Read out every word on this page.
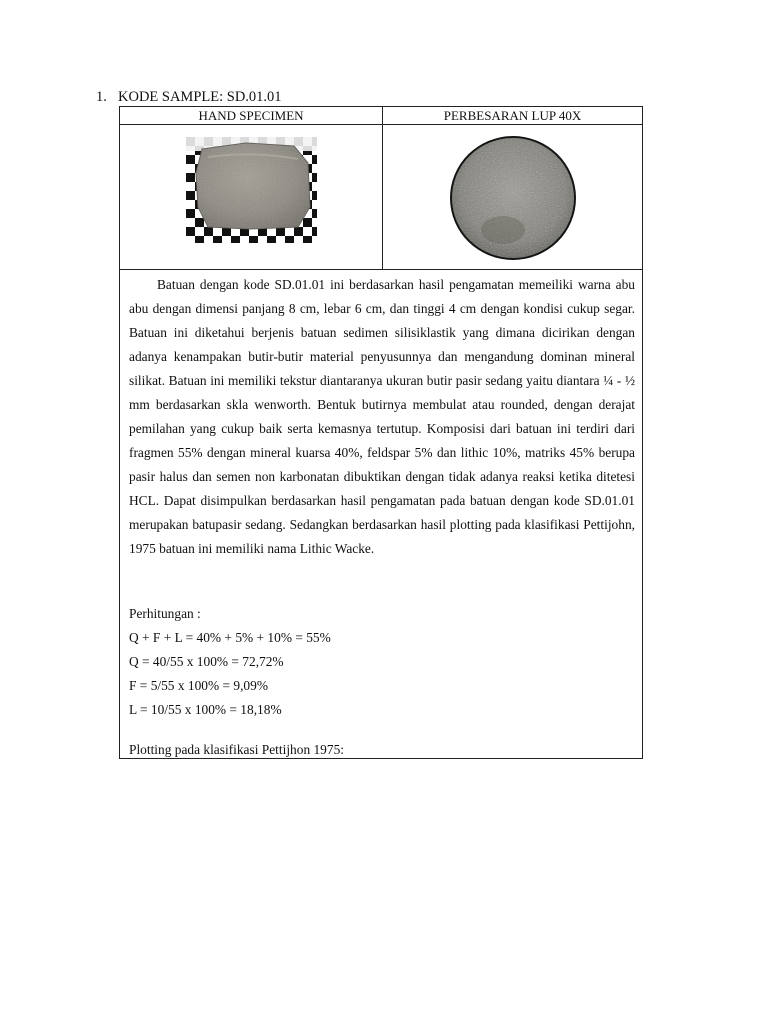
1. KODE SAMPLE: SD.01.01
HAND SPECIMEN	PERBESARAN LUP 40X

Batuan dengan kode SD.01.01 ini berdasarkan hasil pengamatan memeiliki warna abu abu dengan dimensi panjang 8 cm, lebar 6 cm, dan tinggi 4 cm dengan kondisi cukup segar. Batuan ini diketahui berjenis batuan sedimen silisiklastik yang dimana dicirikan dengan adanya kenampakan butir-butir material penyusunnya dan mengandung dominan mineral silikat. Batuan ini memiliki tekstur diantaranya ukuran butir pasir sedang yaitu diantara ¼ - ½ mm berdasarkan skla wenworth. Bentuk butirnya membulat atau rounded, dengan derajat pemilahan yang cukup baik serta kemasnya tertutup. Komposisi dari batuan ini terdiri dari fragmen 55% dengan mineral kuarsa 40%, feldspar 5% dan lithic 10%, matriks 45% berupa pasir halus dan semen non karbonatan dibuktikan dengan tidak adanya reaksi ketika ditetesi HCL. Dapat disimpulkan berdasarkan hasil pengamatan pada batuan dengan kode SD.01.01 merupakan batupasir sedang. Sedangkan berdasarkan hasil plotting pada klasifikasi Pettijohn, 1975 batuan ini memiliki nama Lithic Wacke.

Perhitungan :
Q + F + L = 40% + 5% + 10% = 55%
Q = 40/55 x 100% = 72,72%
F = 5/55 x 100% = 9,09%
L = 10/55 x 100% = 18,18%
Plotting pada klasifikasi Pettijhon 1975:
